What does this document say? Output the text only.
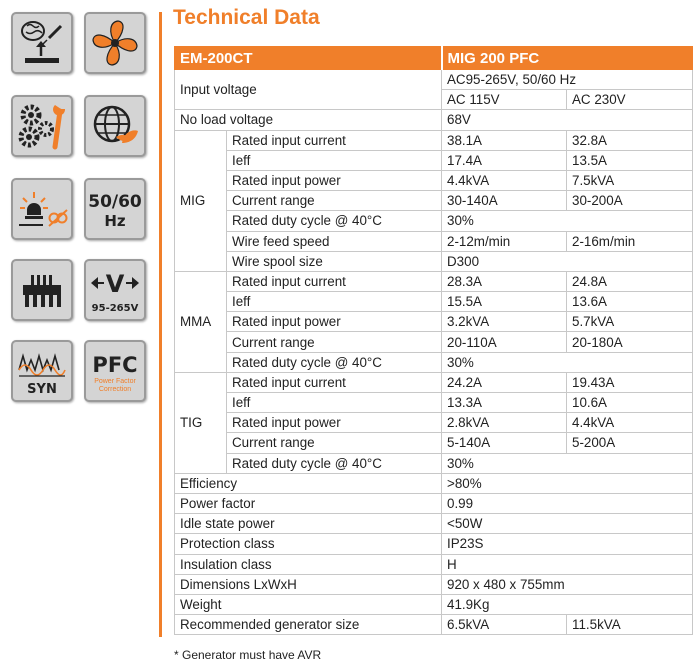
50/60
Hz
V
95-265V
SYN
PFC
Power Factor
Correction
Technical Data
EM-200CT		MIG 200 PFC	
Input voltage		AC95-265V, 50/60 Hz	
		AC 115V	AC 230V
No load voltage		68V	
MIG	Rated input current	38.1A	32.8A
	Ieff	17.4A	13.5A
	Rated input power	4.4kVA	7.5kVA
	Current range	30-140A	30-200A
	Rated duty cycle @ 40°C	30%	
	Wire feed speed	2-12m/min	2-16m/min
	Wire spool size	D300	
MMA	Rated input current	28.3A	24.8A
	Ieff	15.5A	13.6A
	Rated input power	3.2kVA	5.7kVA
	Current range	20-110A	20-180A
	Rated duty cycle @ 40°C	30%	
TIG	Rated input current	24.2A	19.43A
	Ieff	13.3A	10.6A
	Rated input power	2.8kVA	4.4kVA
	Current range	5-140A	5-200A
	Rated duty cycle @ 40°C	30%	
Efficiency		>80%	
Power factor		0.99	
Idle state power		<50W	
Protection class		IP23S	
Insulation class		H	
Dimensions LxWxH		920 x 480 x 755mm	
Weight		41.9Kg	
Recommended generator size		6.5kVA	11.5kVA
* Generator must have AVR
